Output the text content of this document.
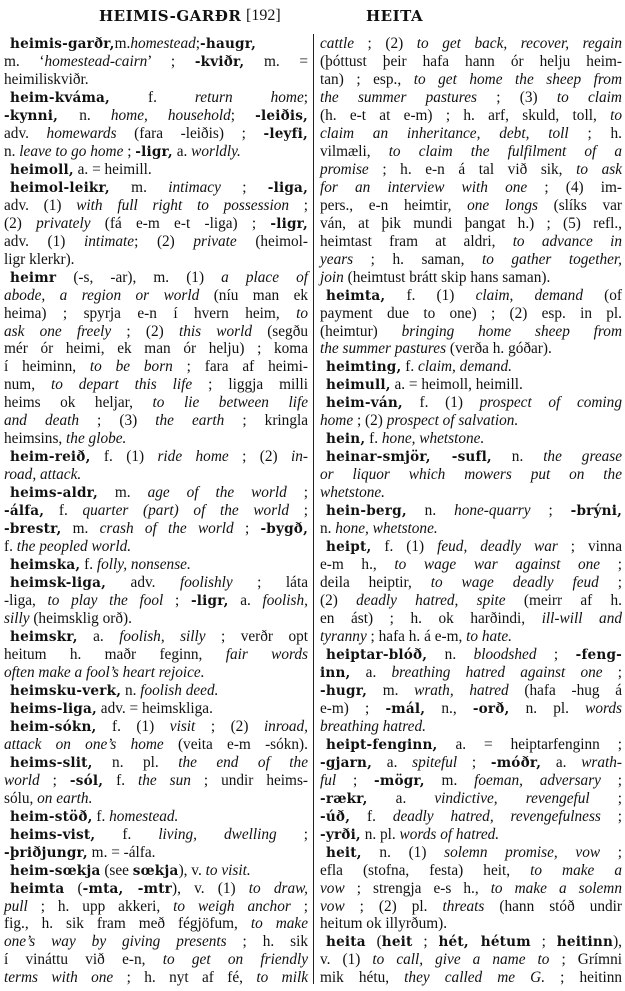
HEIMIS-GARÐR [192]	HEITA
heimis-garðr,m.homestead;-haugr,
m. ‘homestead-cairn’ ; -kviðr, m. =
heimiliskviðr.
heim-kváma, f. return home;
-kynni, n. home, household; -leiðis,
adv. homewards (fara -leiðis) ; -leyfi,
n. leave to go home ; -ligr, a. worldly.
heimoll, a. = heimill.
heimol-leikr, m. intimacy ; -liga,
adv. (1) with full right to possession ;
(2) privately (fá e-m e-t -liga) ; -ligr,
adv. (1) intimate; (2) private (heimol-
ligr klerkr).
heimr (-s, -ar), m. (1) a place of
abode, a region or world (níu man ek
heima) ; spyrja e-n í hvern heim, to
ask one freely ; (2) this world (segðu
mér ór heimi, ek man ór helju) ; koma
í heiminn, to be born ; fara af heimi-
num, to depart this life ; liggja milli
heims ok heljar, to lie between life
and death ; (3) the earth ; kringla
heimsins, the globe.
heim-reið, f. (1) ride home ; (2) in-
road, attack.
heims-aldr, m. age of the world ;
-álfa, f. quarter (part) of the world ;
-brestr, m. crash of the world ; -bygð,
f. the peopled world.
heimska, f. folly, nonsense.
heimsk-liga, adv. foolishly ; láta
-liga, to play the fool ; -ligr, a. foolish,
silly (heimsklig orð).
heimskr, a. foolish, silly ; verðr opt
heitum h. maðr feginn, fair words
often make a fool’s heart rejoice.
heimsku-verk, n. foolish deed.
heims-liga, adv. = heimskliga.
heim-sókn, f. (1) visit ; (2) inroad,
attack on one’s home (veita e-m -sókn).
heims-slit, n. pl. the end of the
world ; -sól, f. the sun ; undir heims-
sólu, on earth.
heim-stöð, f. homestead.
heims-vist, f. living, dwelling ;
-þriðjungr, m. = -álfa.
heim-sœkja (see sœkja), v. to visit.
heimta (-mta, -mtr), v. (1) to draw,
pull ; h. upp akkeri, to weigh anchor ;
fig., h. sik fram með fégjöfum, to make
one’s way by giving presents ; h. sik
í vináttu við e-n, to get on friendly
terms with one ; h. nyt af fé, to milk
cattle ; (2) to get back, recover, regain
(þóttust þeir hafa hann ór helju heim-
tan) ; esp., to get home the sheep from
the summer pastures ; (3) to claim
(h. e-t at e-m) ; h. arf, skuld, toll, to
claim an inheritance, debt, toll ; h.
vilmæli, to claim the fulfilment of a
promise ; h. e-n á tal við sik, to ask
for an interview with one ; (4) im-
pers., e-n heimtir, one longs (slíks var
ván, at þik mundi þangat h.) ; (5) refl.,
heimtast fram at aldri, to advance in
years ; h. saman, to gather together,
join (heimtust brátt skip hans saman).
heimta, f. (1) claim, demand (of
payment due to one) ; (2) esp. in pl.
(heimtur) bringing home sheep from
the summer pastures (verða h. góðar).
heimting, f. claim, demand.
heimull, a. = heimoll, heimill.
heim-ván, f. (1) prospect of coming
home ; (2) prospect of salvation.
hein, f. hone, whetstone.
heinar-smjör, -sufl, n. the grease
or liquor which mowers put on the
whetstone.
hein-berg, n. hone-quarry ; -brýni,
n. hone, whetstone.
heipt, f. (1) feud, deadly war ; vinna
e-m h., to wage war against one ;
deila heiptir, to wage deadly feud ;
(2) deadly hatred, spite (meirr af h.
en ást) ; h. ok harðindi, ill-will and
tyranny ; hafa h. á e-m, to hate.
heiptar-blóð, n. bloodshed ; -feng-
inn, a. breathing hatred against one ;
-hugr, m. wrath, hatred (hafa -hug á
e-m) ; -mál, n., -orð, n. pl. words
breathing hatred.
heipt-fenginn, a. = heiptarfenginn ;
-gjarn, a. spiteful ; -móðr, a. wrath-
ful ; -mögr, m. foeman, adversary ;
-rækr, a. vindictive, revengeful ;
-úð, f. deadly hatred, revengefulness ;
-yrði, n. pl. words of hatred.
heit, n. (1) solemn promise, vow ;
efla (stofna, festa) heit, to make a
vow ; strengja e-s h., to make a solemn
vow ; (2) pl. threats (hann stóð undir
heitum ok illyrðum).
heita (heit ; hét, hétum ; heitinn),
v. (1) to call, give a name to ; Grímni
mik hétu, they called me G. ; heitinn
